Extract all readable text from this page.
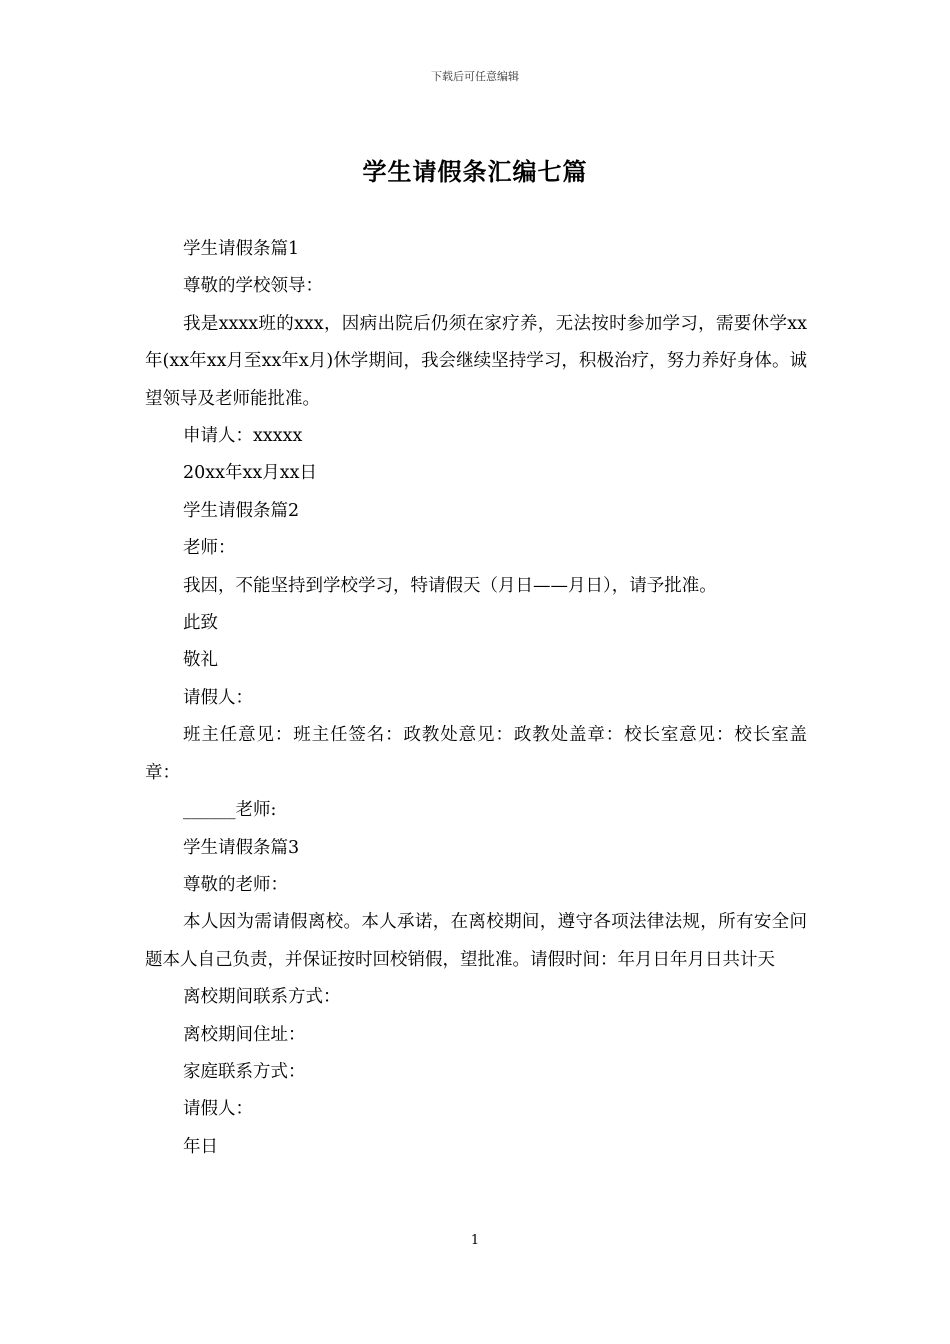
下载后可任意编辑
学生请假条汇编七篇
学生请假条篇1
尊敬的学校领导：
我是xxxx班的xxx，因病出院后仍须在家疗养，无法按时参加学习，需要休学xx年(xx年xx月至xx年x月)休学期间，我会继续坚持学习，积极治疗，努力养好身体。诚望领导及老师能批准。
申请人：xxxxx
20xx年xx月xx日
学生请假条篇2
老师：
我因，不能坚持到学校学习，特请假天（月日——月日），请予批准。
此致
敬礼
请假人：
班主任意见：班主任签名：政教处意见：政教处盖章：校长室意见：校长室盖章：
______老师:
学生请假条篇3
尊敬的老师：
本人因为需请假离校。本人承诺，在离校期间，遵守各项法律法规，所有安全问题本人自己负责，并保证按时回校销假，望批准。请假时间：年月日年月日共计天
离校期间联系方式：
离校期间住址：
家庭联系方式：
请假人：
年日
1
